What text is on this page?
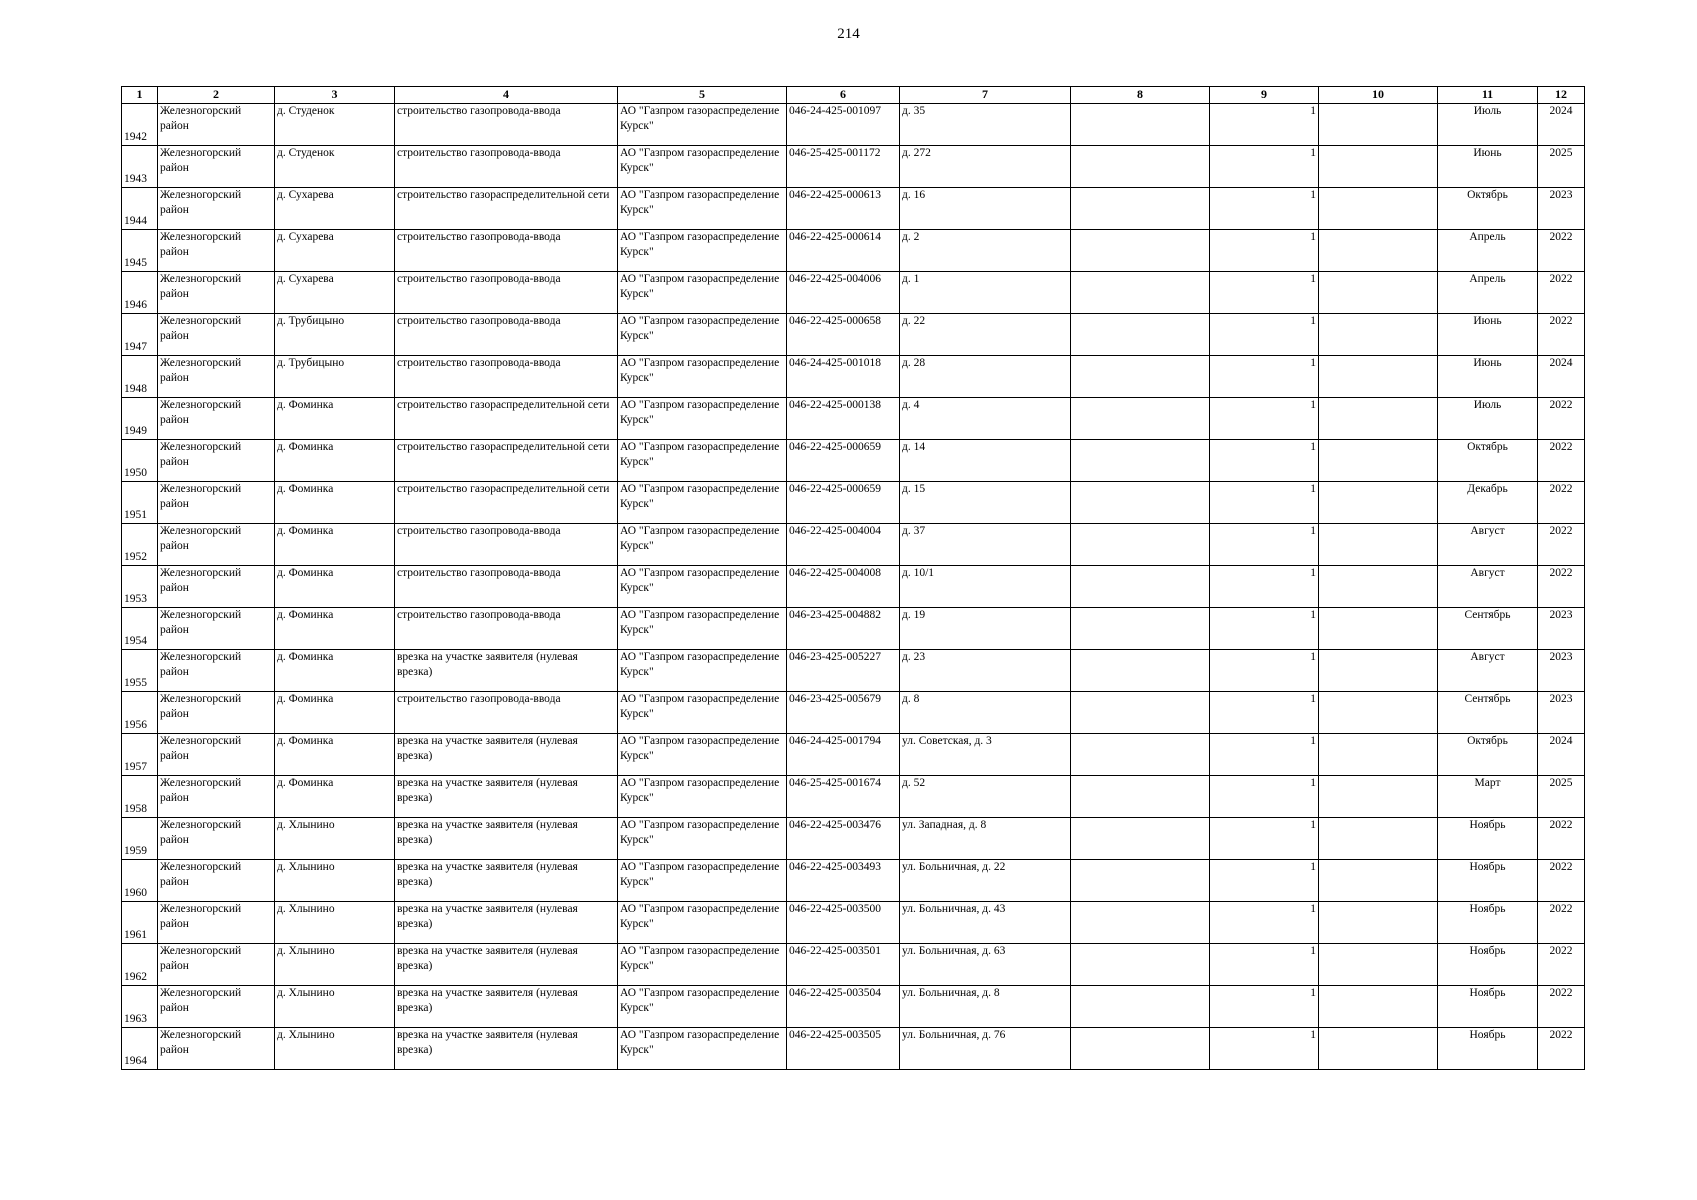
214
1	2	3	4	5	6	7	8	9	10	11	12
1942	Железногорский район	д. Студенок	строительство газопровода-ввода	АО "Газпром газораспределение Курск"	046-24-425-001097	д. 35		1		Июль	2024
1943	Железногорский район	д. Студенок	строительство газопровода-ввода	АО "Газпром газораспределение Курск"	046-25-425-001172	д. 272		1		Июнь	2025
1944	Железногорский район	д. Сухарева	строительство газораспределительной сети	АО "Газпром газораспределение Курск"	046-22-425-000613	д. 16		1		Октябрь	2023
1945	Железногорский район	д. Сухарева	строительство газопровода-ввода	АО "Газпром газораспределение Курск"	046-22-425-000614	д. 2		1		Апрель	2022
1946	Железногорский район	д. Сухарева	строительство газопровода-ввода	АО "Газпром газораспределение Курск"	046-22-425-004006	д. 1		1		Апрель	2022
1947	Железногорский район	д. Трубицыно	строительство газопровода-ввода	АО "Газпром газораспределение Курск"	046-22-425-000658	д. 22		1		Июнь	2022
1948	Железногорский район	д. Трубицыно	строительство газопровода-ввода	АО "Газпром газораспределение Курск"	046-24-425-001018	д. 28		1		Июнь	2024
1949	Железногорский район	д. Фоминка	строительство газораспределительной сети	АО "Газпром газораспределение Курск"	046-22-425-000138	д. 4		1		Июль	2022
1950	Железногорский район	д. Фоминка	строительство газораспределительной сети	АО "Газпром газораспределение Курск"	046-22-425-000659	д. 14		1		Октябрь	2022
1951	Железногорский район	д. Фоминка	строительство газораспределительной сети	АО "Газпром газораспределение Курск"	046-22-425-000659	д. 15		1		Декабрь	2022
1952	Железногорский район	д. Фоминка	строительство газопровода-ввода	АО "Газпром газораспределение Курск"	046-22-425-004004	д. 37		1		Август	2022
1953	Железногорский район	д. Фоминка	строительство газопровода-ввода	АО "Газпром газораспределение Курск"	046-22-425-004008	д. 10/1		1		Август	2022
1954	Железногорский район	д. Фоминка	строительство газопровода-ввода	АО "Газпром газораспределение Курск"	046-23-425-004882	д. 19		1		Сентябрь	2023
1955	Железногорский район	д. Фоминка	врезка на участке заявителя (нулевая врезка)	АО "Газпром газораспределение Курск"	046-23-425-005227	д. 23		1		Август	2023
1956	Железногорский район	д. Фоминка	строительство газопровода-ввода	АО "Газпром газораспределение Курск"	046-23-425-005679	д. 8		1		Сентябрь	2023
1957	Железногорский район	д. Фоминка	врезка на участке заявителя (нулевая врезка)	АО "Газпром газораспределение Курск"	046-24-425-001794	ул. Советская, д. 3		1		Октябрь	2024
1958	Железногорский район	д. Фоминка	врезка на участке заявителя (нулевая врезка)	АО "Газпром газораспределение Курск"	046-25-425-001674	д. 52		1		Март	2025
1959	Железногорский район	д. Хлынино	врезка на участке заявителя (нулевая врезка)	АО "Газпром газораспределение Курск"	046-22-425-003476	ул. Западная, д. 8		1		Ноябрь	2022
1960	Железногорский район	д. Хлынино	врезка на участке заявителя (нулевая врезка)	АО "Газпром газораспределение Курск"	046-22-425-003493	ул. Больничная, д. 22		1		Ноябрь	2022
1961	Железногорский район	д. Хлынино	врезка на участке заявителя (нулевая врезка)	АО "Газпром газораспределение Курск"	046-22-425-003500	ул. Больничная, д. 43		1		Ноябрь	2022
1962	Железногорский район	д. Хлынино	врезка на участке заявителя (нулевая врезка)	АО "Газпром газораспределение Курск"	046-22-425-003501	ул. Больничная, д. 63		1		Ноябрь	2022
1963	Железногорский район	д. Хлынино	врезка на участке заявителя (нулевая врезка)	АО "Газпром газораспределение Курск"	046-22-425-003504	ул. Больничная, д. 8		1		Ноябрь	2022
1964	Железногорский район	д. Хлынино	врезка на участке заявителя (нулевая врезка)	АО "Газпром газораспределение Курск"	046-22-425-003505	ул. Больничная, д. 76		1		Ноябрь	2022
